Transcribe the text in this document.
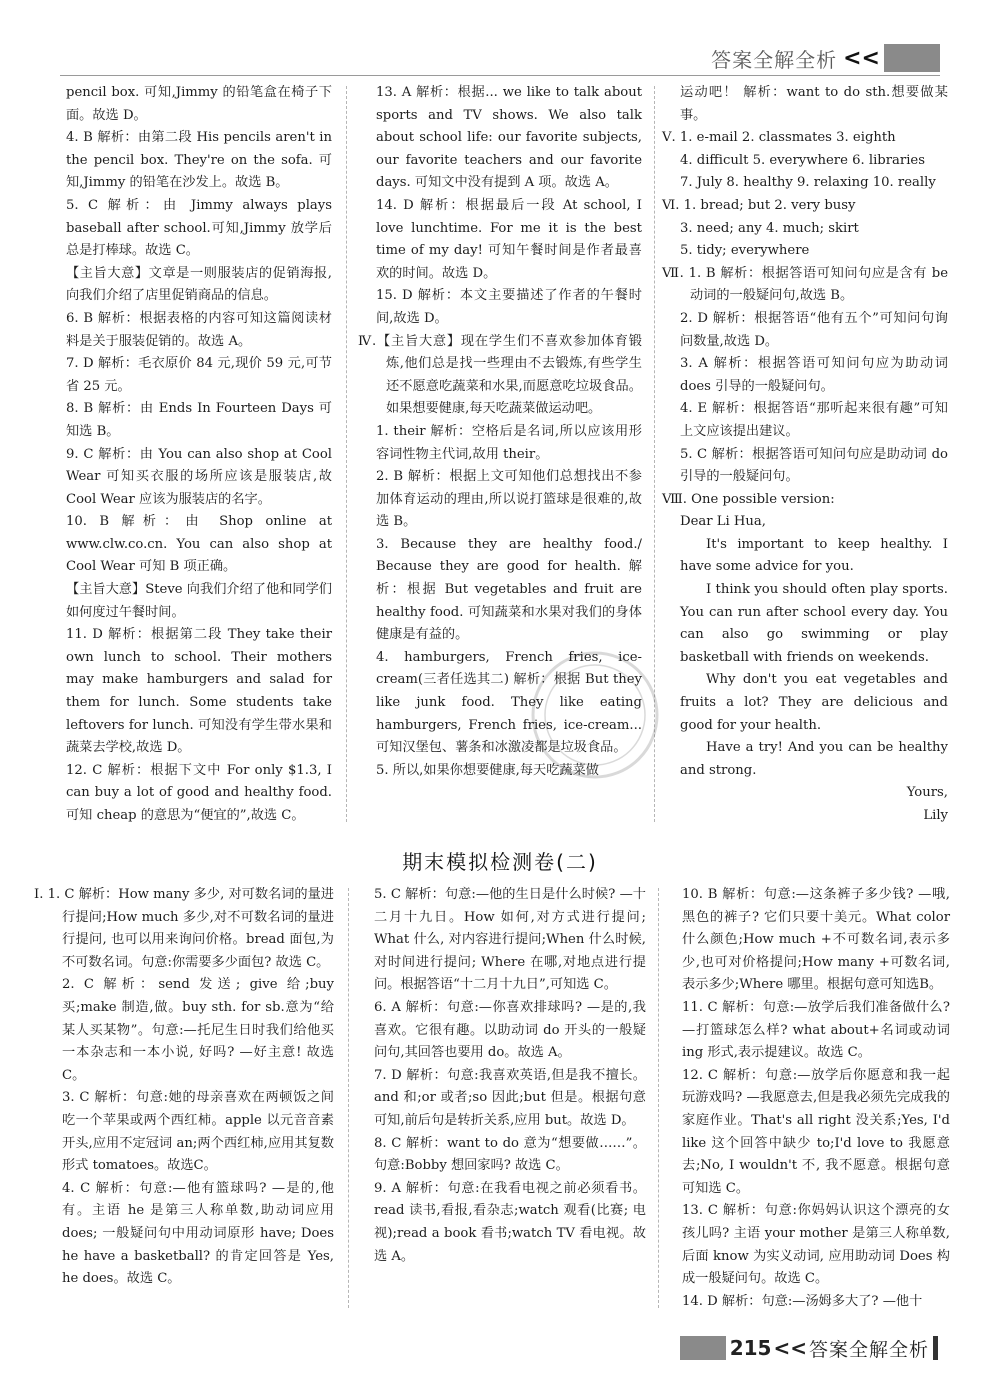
答案全解全析 <<

pencil box. 可知,Jimmy 的铅笔盒在椅子下面。故选 D。

4. B 解析：由第二段 His pencils aren't in the pencil box. They're on the sofa. 可知,Jimmy 的铅笔在沙发上。故选 B。

5. C 解析：由 Jimmy always plays baseball after school.可知,Jimmy 放学后总是打棒球。故选 C。

【主旨大意】文章是一则服装店的促销海报,向我们介绍了店里促销商品的信息。

6. B 解析：根据表格的内容可知这篇阅读材料是关于服装促销的。故选 A。

7. D 解析：毛衣原价 84 元,现价 59 元,可节省 25 元。

8. B 解析：由 Ends In Fourteen Days 可知选 B。

9. C 解析：由 You can also shop at Cool Wear 可知买衣服的场所应该是服装店,故 Cool Wear 应该为服装店的名字。

10. B 解析：由 Shop online at www.clw.co.cn. You can also shop at Cool Wear 可知 B 项正确。

【主旨大意】Steve 向我们介绍了他和同学们如何度过午餐时间。

11. D 解析：根据第二段 They take their own lunch to school. Their mothers may make hamburgers and salad for them for lunch. Some students take leftovers for lunch. 可知没有学生带水果和蔬菜去学校,故选 D。

12. C 解析：根据下文中 For only $1.3, I can buy a lot of good and healthy food.可知 cheap 的意思为“便宜的”,故选 C。

13. A 解析：根据... we like to talk about sports and TV shows. We also talk about school life: our favorite subjects, our favorite teachers and our favorite days. 可知文中没有提到 A 项。故选 A。

14. D 解析：根据最后一段 At school, I love lunchtime. For me it is the best time of my day! 可知午餐时间是作者最喜欢的时间。故选 D。

15. D 解析：本文主要描述了作者的午餐时间,故选 D。

Ⅳ.【主旨大意】现在学生们不喜欢参加体育锻炼,他们总是找一些理由不去锻炼,有些学生还不愿意吃蔬菜和水果,而愿意吃垃圾食品。如果想要健康,每天吃蔬菜做运动吧。

1. their 解析：空格后是名词,所以应该用形容词性物主代词,故用 their。

2. B 解析：根据上文可知他们总想找出不参加体育运动的理由,所以说打篮球是很难的,故选 B。

3. Because they are healthy food./ Because they are good for health. 解析：根据 But vegetables and fruit are healthy food. 可知蔬菜和水果对我们的身体健康是有益的。

4. hamburgers, French fries, ice-cream(三者任选其二) 解析：根据 But they like junk food. They like eating hamburgers, French fries, ice-cream... 可知汉堡包、薯条和冰激凌都是垃圾食品。

5. 所以,如果你想要健康,每天吃蔬菜做

运动吧！ 解析：want to do sth.想要做某事。

Ⅴ. 1. e-mail 2. classmates 3. eighth

4. difficult 5. everywhere 6. libraries

7. July 8. healthy 9. relaxing 10. really

Ⅵ. 1. bread; but 2. very busy

3. need; any 4. much; skirt

5. tidy; everywhere

Ⅶ. 1. B 解析：根据答语可知问句应是含有 be 动词的一般疑问句,故选 B。

2. D 解析：根据答语“他有五个”可知问句询问数量,故选 D。

3. A 解析：根据答语可知问句应为助动词 does 引导的一般疑问句。

4. E 解析：根据答语“那听起来很有趣”可知上文应该提出建议。

5. C 解析：根据答语可知问句应是助动词 do 引导的一般疑问句。

Ⅷ. One possible version:

Dear Li Hua,

It's important to keep healthy. I have some advice for you.

I think you should often play sports. You can run after school every day. You can also go swimming or play basketball with friends on weekends.

Why don't you eat vegetables and fruits a lot? They are delicious and good for your health.

Have a try! And you can be healthy and strong.

Yours,

Lily

期末模拟检测卷(二)

Ⅰ. 1. C 解析：How many 多少, 对可数名词的量进行提问;How much 多少,对不可数名词的量进行提问, 也可以用来询问价格。bread 面包,为不可数名词。句意:你需要多少面包? 故选 C。

2. C 解析：send 发送; give 给;buy 买;make 制造,做。buy sth. for sb.意为“给某人买某物”。句意:—托尼生日时我们给他买一本杂志和一本小说, 好吗? —好主意! 故选 C。

3. C 解析：句意:她的母亲喜欢在两顿饭之间吃一个苹果或两个西红柿。apple 以元音音素开头,应用不定冠词 an;两个西红柿,应用其复数形式 tomatoes。故选C。

4. C 解析：句意:—他有篮球吗? —是的,他有。主语 he 是第三人称单数,助动词应用 does; 一般疑问句中用动词原形 have; Does he have a basketball? 的肯定回答是 Yes, he does。故选 C。

5. C 解析：句意:—他的生日是什么时候? —十二月十九日。How 如何,对方式进行提问; What 什么, 对内容进行提问;When 什么时候,对时间进行提问; Where 在哪,对地点进行提问。根据答语“十二月十九日”,可知选 C。

6. A 解析：句意:—你喜欢排球吗? —是的,我喜欢。它很有趣。以助动词 do 开头的一般疑问句,其回答也要用 do。故选 A。

7. D 解析：句意:我喜欢英语,但是我不擅长。and 和;or 或者;so 因此;but 但是。根据句意可知,前后句是转折关系,应用 but。故选 D。

8. C 解析：want to do 意为“想要做……”。句意:Bobby 想回家吗? 故选 C。

9. A 解析：句意:在我看电视之前必须看书。read 读书,看报,看杂志;watch 观看(比赛; 电视);read a book 看书;watch TV 看电视。故选 A。

10. B 解析：句意:—这条裤子多少钱? —哦,黑色的裤子? 它们只要十美元。What color 什么颜色;How much +不可数名词,表示多少,也可对价格提问;How many +可数名词,表示多少;Where 哪里。根据句意可知选B。

11. C 解析：句意:—放学后我们准备做什么? —打篮球怎么样? what about+名词或动词 ing 形式,表示提建议。故选 C。

12. C 解析：句意:—放学后你愿意和我一起玩游戏吗? —我愿意去,但是我必须先完成我的家庭作业。That's all right 没关系;Yes, I'd like 这个回答中缺少 to;I'd love to 我愿意去;No, I wouldn't 不, 我不愿意。根据句意可知选 C。

13. C 解析：句意:你妈妈认识这个漂亮的女孩儿吗? 主语 your mother 是第三人称单数, 后面 know 为实义动词, 应用助动词 Does 构成一般疑问句。故选 C。

14. D 解析：句意:—汤姆多大了? —他十

215 << 答案全解全析
